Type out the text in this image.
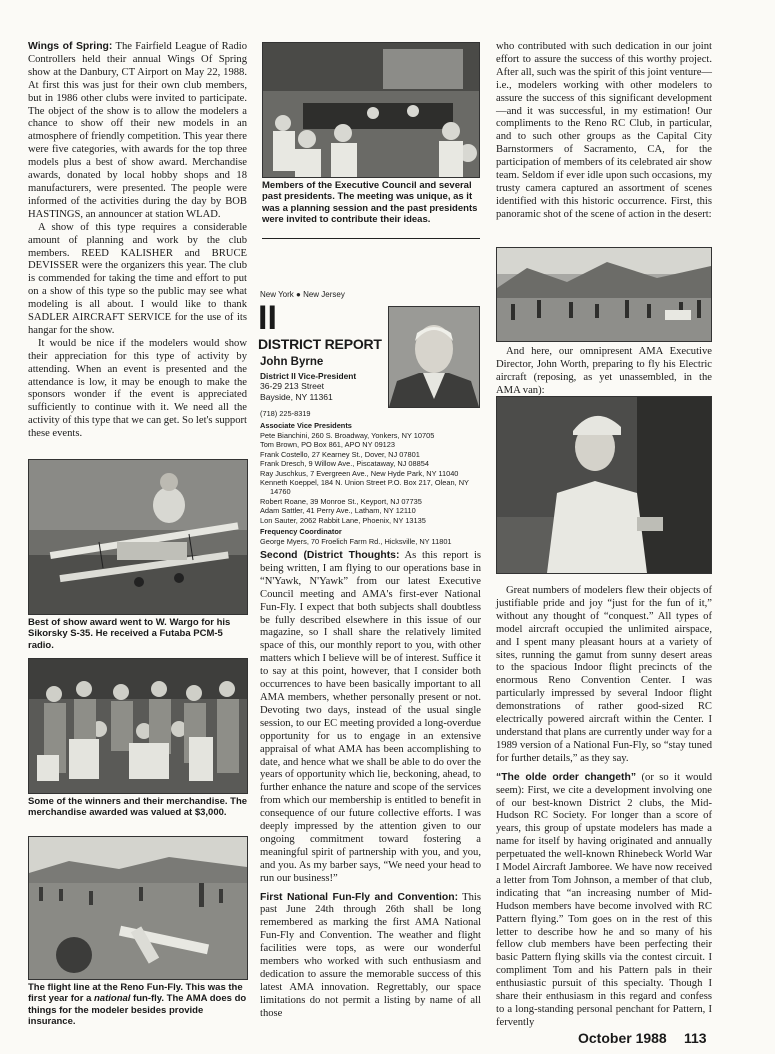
Wings of Spring: The Fairfield League of Radio Controllers held their annual Wings Of Spring show at the Danbury, CT Airport on May 22, 1988. At first this was just for their own club members, but in 1986 other clubs were invited to participate. The object of the show is to allow the modelers a chance to show off their new models in an atmosphere of friendly competition. This year there were five categories, with awards for the top three models plus a best of show award. Merchandise awards, donated by local hobby shops and 18 manufacturers, were presented. The people were informed of the activities during the day by BOB HASTINGS, an announcer at station WLAD.

A show of this type requires a considerable amount of planning and work by the club members. REED KALISHER and BRUCE DEVISSER were the organizers this year. The club is commended for taking the time and effort to put on a show of this type so the public may see what modeling is all about. I would like to thank SADLER AIRCRAFT SERVICE for the use of its hangar for the show.

It would be nice if the modelers would show their appreciation for this type of activity by attending. When an event is presented and the attendance is low, it may be enough to make the sponsors wonder if the event is appreciated sufficiently to continue with it. We need all the activity of this type that we can get. So let's support these events.

Best of show award went to W. Wargo for his Sikorsky S-35. He received a Futaba PCM-5 radio.
Some of the winners and their merchandise. The merchandise awarded was valued at $3,000.
The flight line at the Reno Fun-Fly. This was the first year for a national fun-fly. The AMA does do things for the modeler besides provide insurance.
Members of the Executive Council and several past presidents. The meeting was unique, as it was a planning session and the past presidents were invited to contribute their ideas.
New York ● New Jersey
II
DISTRICT REPORT
John Byrne
District II Vice-President
36-29 213 Street
Bayside, NY 11361
(718) 225-8319
Associate Vice Presidents
Pete Bianchini, 260 S. Broadway, Yonkers, NY 10705
Tom Brown, PO Box 861, APO NY 09123
Frank Costello, 27 Kearney St., Dover, NJ 07801
Frank Dresch, 9 Willow Ave., Piscataway, NJ 08854
Ray Juschkus, 7 Evergreen Ave., New Hyde Park, NY 11040
Kenneth Koeppel, 184 N. Union Street P.O. Box 217, Olean, NY
14760
Robert Roane, 39 Monroe St., Keyport, NJ 07735
Adam Sattler, 41 Perry Ave., Latham, NY 12110
Lon Sauter, 2062 Rabbit Lane, Phoenix, NY 13135
Frequency Coordinator
George Myers, 70 Froelich Farm Rd., Hicksville, NY 11801

Second (District Thoughts: As this report is being written, I am flying to our operations base in “N'Yawk, N'Yawk” from our latest Executive Council meeting and AMA's first-ever National Fun-Fly. I expect that both subjects shall doubtless be fully described elsewhere in this issue of our magazine, so I shall share the relatively limited space of this, our monthly report to you, with other matters which I believe will be of interest. Suffice it to say at this point, however, that I consider both occurrences to have been basically important to all AMA members, whether personally present or not. Devoting two days, instead of the usual single session, to our EC meeting provided a long-overdue opportunity for us to engage in an extensive appraisal of what AMA has been accomplishing to date, and hence what we shall be able to do over the years of opportunity which lie, beckoning, ahead, to further enhance the nature and scope of the services from which our membership is entitled to benefit in consequence of our future collective efforts. I was deeply impressed by the attention given to our ongoing commitment toward fostering a meaningful spirit of partnership with you, and you, and you. As my barber says, “We need your head to run our business!”

First National Fun-Fly and Convention: This past June 24th through 26th shall be long remembered as marking the first AMA National Fun-Fly and Convention. The weather and flight facilities were tops, as were our wonderful members who worked with such enthusiasm and dedication to assure the memorable success of this latest AMA innovation. Regrettably, our space limitations do not permit a listing by name of all those

who contributed with such dedication in our joint effort to assure the success of this worthy project. After all, such was the spirit of this joint venture—i.e., modelers working with other modelers to assure the success of this significant development—and it was successful, in my estimation! Our compliments to the Reno RC Club, in particular, and to such other groups as the Capital City Barnstormers of Sacramento, CA, for the participation of members of its celebrated air show team. Seldom if ever idle upon such occasions, my trusty camera captured an assortment of scenes identified with this historic occurrence. First, this panoramic shot of the scene of action in the desert:

And here, our omnipresent AMA Executive Director, John Worth, preparing to fly his Electric aircraft (reposing, as yet unassembled, in the AMA van):

Great numbers of modelers flew their objects of justifiable pride and joy “just for the fun of it,” without any thought of “conquest.” All types of model aircraft occupied the unlimited airspace, and I spent many pleasant hours at a variety of sites, running the gamut from sunny desert areas to the spacious Indoor flight precincts of the enormous Reno Convention Center. I was particularly impressed by several Indoor flight demonstrations of rather good-sized RC electrically powered aircraft within the Center. I understand that plans are currently under way for a 1989 version of a National Fun-Fly, so “stay tuned for further details,” as they say.

“The olde order changeth” (or so it would seem): First, we cite a development involving one of our best-known District 2 clubs, the Mid-Hudson RC Society. For longer than a score of years, this group of upstate modelers has made a name for itself by having originated and annually perpetuated the well-known Rhinebeck World War I Model Aircraft Jamboree. We have now received a letter from Tom Johnson, a member of that club, indicating that “an increasing number of Mid-Hudson members have become involved with RC Pattern flying.” Tom goes on in the rest of this letter to describe how he and so many of his fellow club members have been perfecting their basic Pattern flying skills via the contest circuit. I compliment Tom and his Pattern pals in their enthusiastic pursuit of this specialty. Though I share their enthusiasm in this regard and confess to a long-standing personal penchant for Pattern, I fervently

October 1988 113
